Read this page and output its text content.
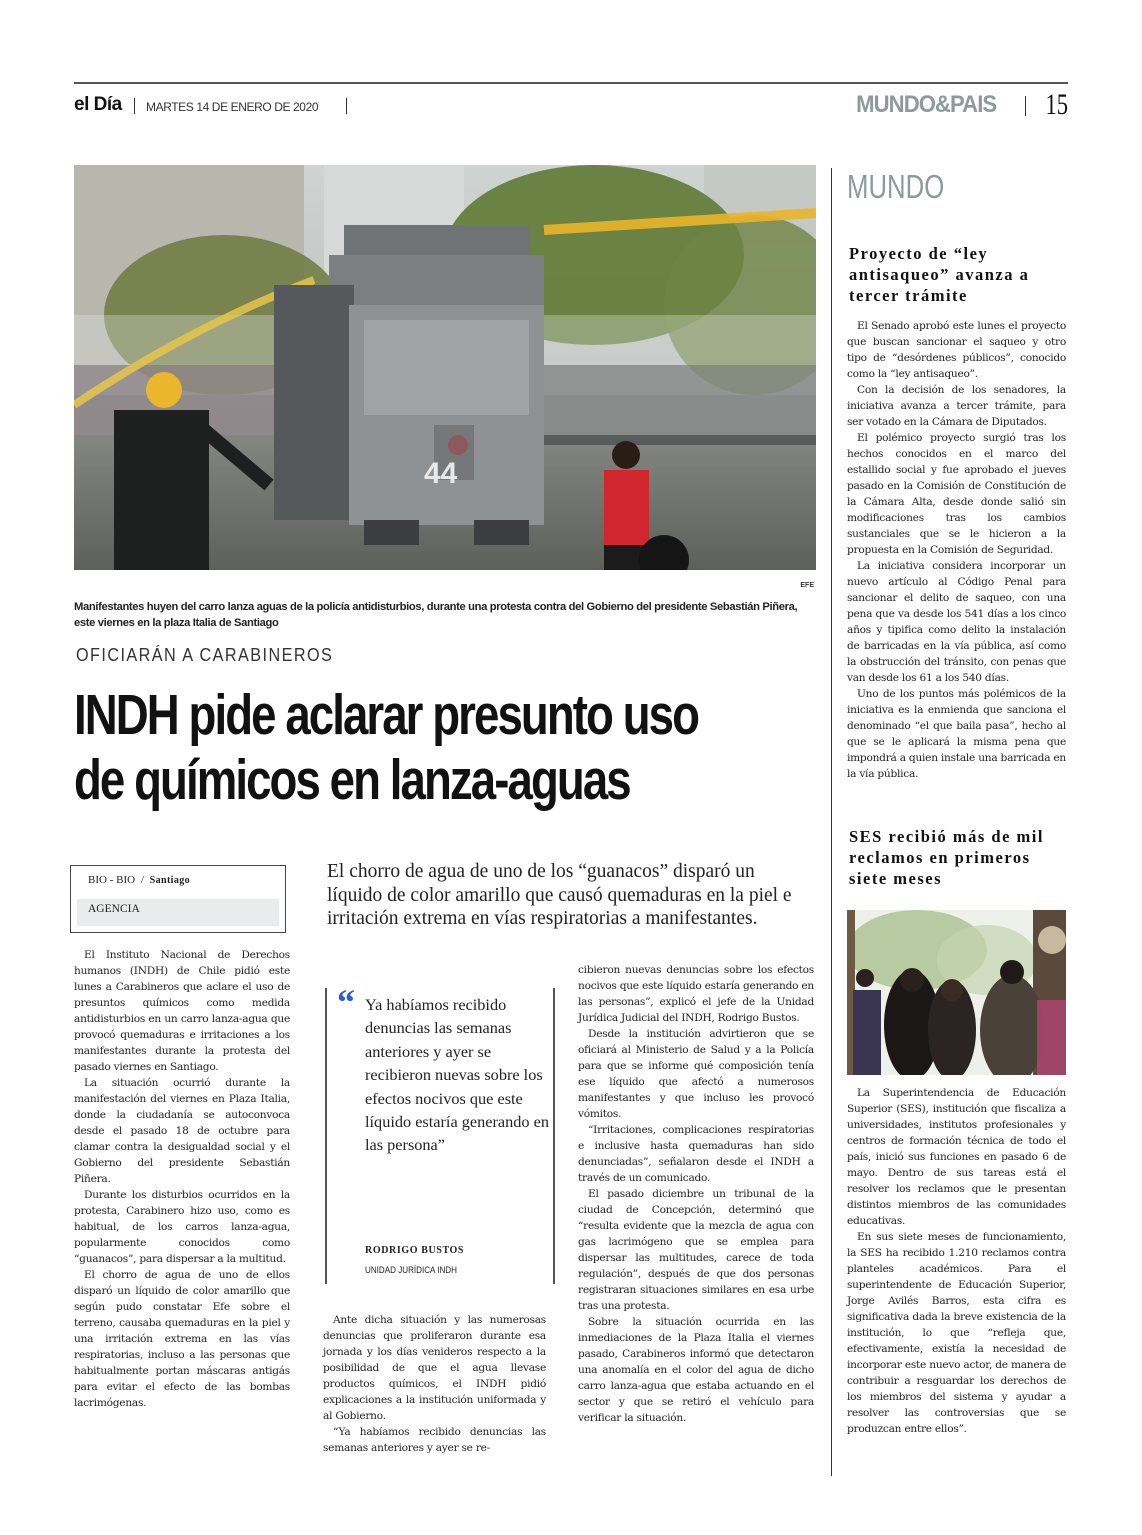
el Día MARTES 14 DE ENERO DE 2020	MUNDO&PAIS 15
44
EFE
Manifestantes huyen del carro lanza aguas de la policía antidisturbios, durante una protesta contra del Gobierno del presidente Sebastián Piñera, este viernes en la plaza Italia de Santiago
OFICIARÁN A CARABINEROS
INDH pide aclarar presunto uso
de químicos en lanza-aguas
BIO - BIO / Santiago
AGENCIA
El chorro de agua de uno de los “guanacos” disparó un líquido de color amarillo que causó quemaduras en la piel e irritación extrema en vías respiratorias a manifestantes.

El Instituto Nacional de Derechos humanos (INDH) de Chile pidió este lunes a Carabineros que aclare el uso de presuntos químicos como medida antidisturbios en un carro lanza-agua que provocó quemaduras e irritaciones a los manifestantes durante la protesta del pasado viernes en Santiago.

La situación ocurrió durante la manifestación del viernes en Plaza Italia, donde la ciudadanía se autoconvoca desde el pasado 18 de octubre para clamar contra la desigualdad social y el Gobierno del presidente Sebastián Piñera.

Durante los disturbios ocurridos en la protesta, Carabinero hizo uso, como es habitual, de los carros lanza-agua, popularmente conocidos como “guanacos”, para dispersar a la multitud.

El chorro de agua de uno de ellos disparó un líquido de color amarillo que según pudo constatar Efe sobre el terreno, causaba quemaduras en la piel y una irritación extrema en las vías respiratorias, incluso a las personas que habitualmente portan máscaras antigás para evitar el efecto de las bombas lacrimógenas.

“ Ya habíamos recibido denuncias las semanas anteriores y ayer se recibieron nuevas sobre los efectos nocivos que este líquido estaría generando en las persona”
RODRIGO BUSTOS
UNIDAD JURÍDICA INDH

Ante dicha situación y las numerosas denuncias que proliferaron durante esa jornada y los días venideros respecto a la posibilidad de que el agua llevase productos químicos, el INDH pidió explicaciones a la institución uniformada y al Gobierno.

“Ya habíamos recibido denuncias las semanas anteriores y ayer se re-

cibieron nuevas denuncias sobre los efectos nocivos que este líquido estaría generando en las personas”, explicó el jefe de la Unidad Jurídica Judicial del INDH, Rodrigo Bustos.

Desde la institución advirtieron que se oficiará al Ministerio de Salud y a la Policía para que se informe qué composición tenía ese líquido que afectó a numerosos manifestantes y que incluso les provocó vómitos.

“Irritaciones, complicaciones respiratorias e inclusive hasta quemaduras han sido denunciadas”, señalaron desde el INDH a través de un comunicado.

El pasado diciembre un tribunal de la ciudad de Concepción, determinó que “resulta evidente que la mezcla de agua con gas lacrimógeno que se emplea para dispersar las multitudes, carece de toda regulación”, después de que dos personas registraran situaciones similares en esa urbe tras una protesta.

Sobre la situación ocurrida en las inmediaciones de la Plaza Italia el viernes pasado, Carabineros informó que detectaron una anomalía en el color del agua de dicho carro lanza-agua que estaba actuando en el sector y que se retiró el vehículo para verificar la situación.

MUNDO
Proyecto de “ley antisaqueo” avanza a tercer trámite

El Senado aprobó este lunes el proyecto que buscan sancionar el saqueo y otro tipo de “desórdenes públicos”, conocido como la “ley antisaqueo”.

Con la decisión de los senadores, la iniciativa avanza a tercer trámite, para ser votado en la Cámara de Diputados.

El polémico proyecto surgió tras los hechos conocidos en el marco del estallido social y fue aprobado el jueves pasado en la Comisión de Constitución de la Cámara Alta, desde donde salió sin modificaciones tras los cambios sustanciales que se le hicieron a la propuesta en la Comisión de Seguridad.

La iniciativa considera incorporar un nuevo artículo al Código Penal para sancionar el delito de saqueo, con una pena que va desde los 541 días a los cinco años y tipifica como delito la instalación de barricadas en la vía pública, así como la obstrucción del tránsito, con penas que van desde los 61 a los 540 días.

Uno de los puntos más polémicos de la iniciativa es la enmienda que sanciona el denominado “el que baila pasa”, hecho al que se le aplicará la misma pena que impondrá a quien instale una barricada en la vía pública.

SES recibió más de mil reclamos en primeros siete meses

La Superintendencia de Educación Superior (SES), institución que fiscaliza a universidades, institutos profesionales y centros de formación técnica de todo el país, inició sus funciones en pasado 6 de mayo. Dentro de sus tareas está el resolver los reclamos que le presentan distintos miembros de las comunidades educativas.

En sus siete meses de funcionamiento, la SES ha recibido 1.210 reclamos contra planteles académicos. Para el superintendente de Educación Superior, Jorge Avilés Barros, esta cifra es significativa dada la breve existencia de la institución, lo que “refleja que, efectivamente, existía la necesidad de incorporar este nuevo actor, de manera de contribuir a resguardar los derechos de los miembros del sistema y ayudar a resolver las controversias que se produzcan entre ellos”.
